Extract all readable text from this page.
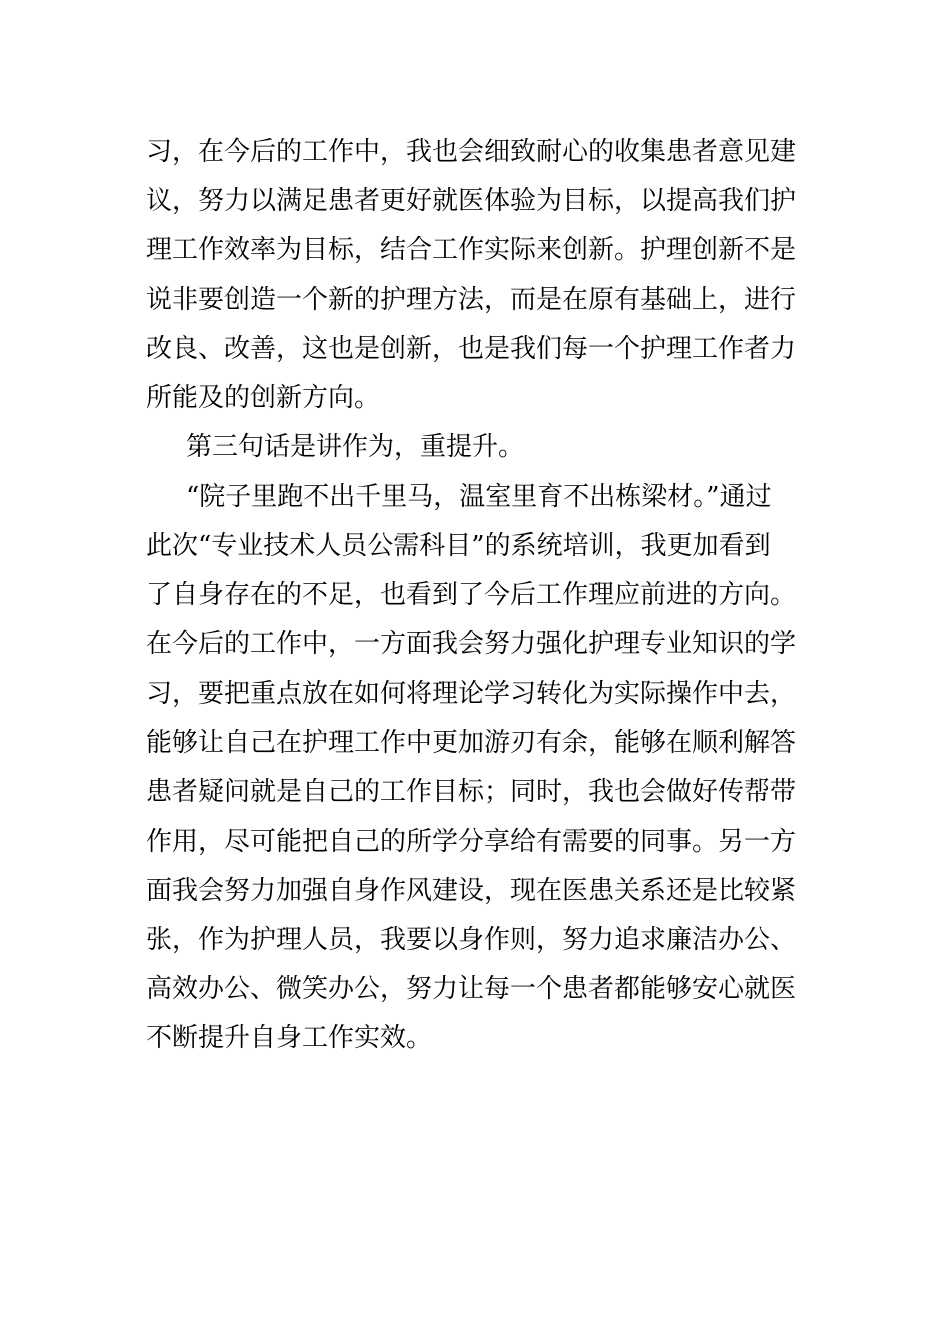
习，在今后的工作中，我也会细致耐心的收集患者意见建
议，努力以满足患者更好就医体验为目标，以提高我们护
理工作效率为目标，结合工作实际来创新。护理创新不是
说非要创造一个新的护理方法，而是在原有基础上，进行
改良、改善，这也是创新，也是我们每一个护理工作者力
所能及的创新方向。
第三句话是讲作为，重提升。
“院子里跑不出千里马，温室里育不出栋梁材。”通过
此次“专业技术人员公需科目”的系统培训，我更加看到
了自身存在的不足，也看到了今后工作理应前进的方向。
在今后的工作中，一方面我会努力强化护理专业知识的学
习，要把重点放在如何将理论学习转化为实际操作中去，
能够让自己在护理工作中更加游刃有余，能够在顺利解答
患者疑问就是自己的工作目标；同时，我也会做好传帮带
作用，尽可能把自己的所学分享给有需要的同事。另一方
面我会努力加强自身作风建设，现在医患关系还是比较紧
张，作为护理人员，我要以身作则，努力追求廉洁办公、
高效办公、微笑办公，努力让每一个患者都能够安心就医
不断提升自身工作实效。
